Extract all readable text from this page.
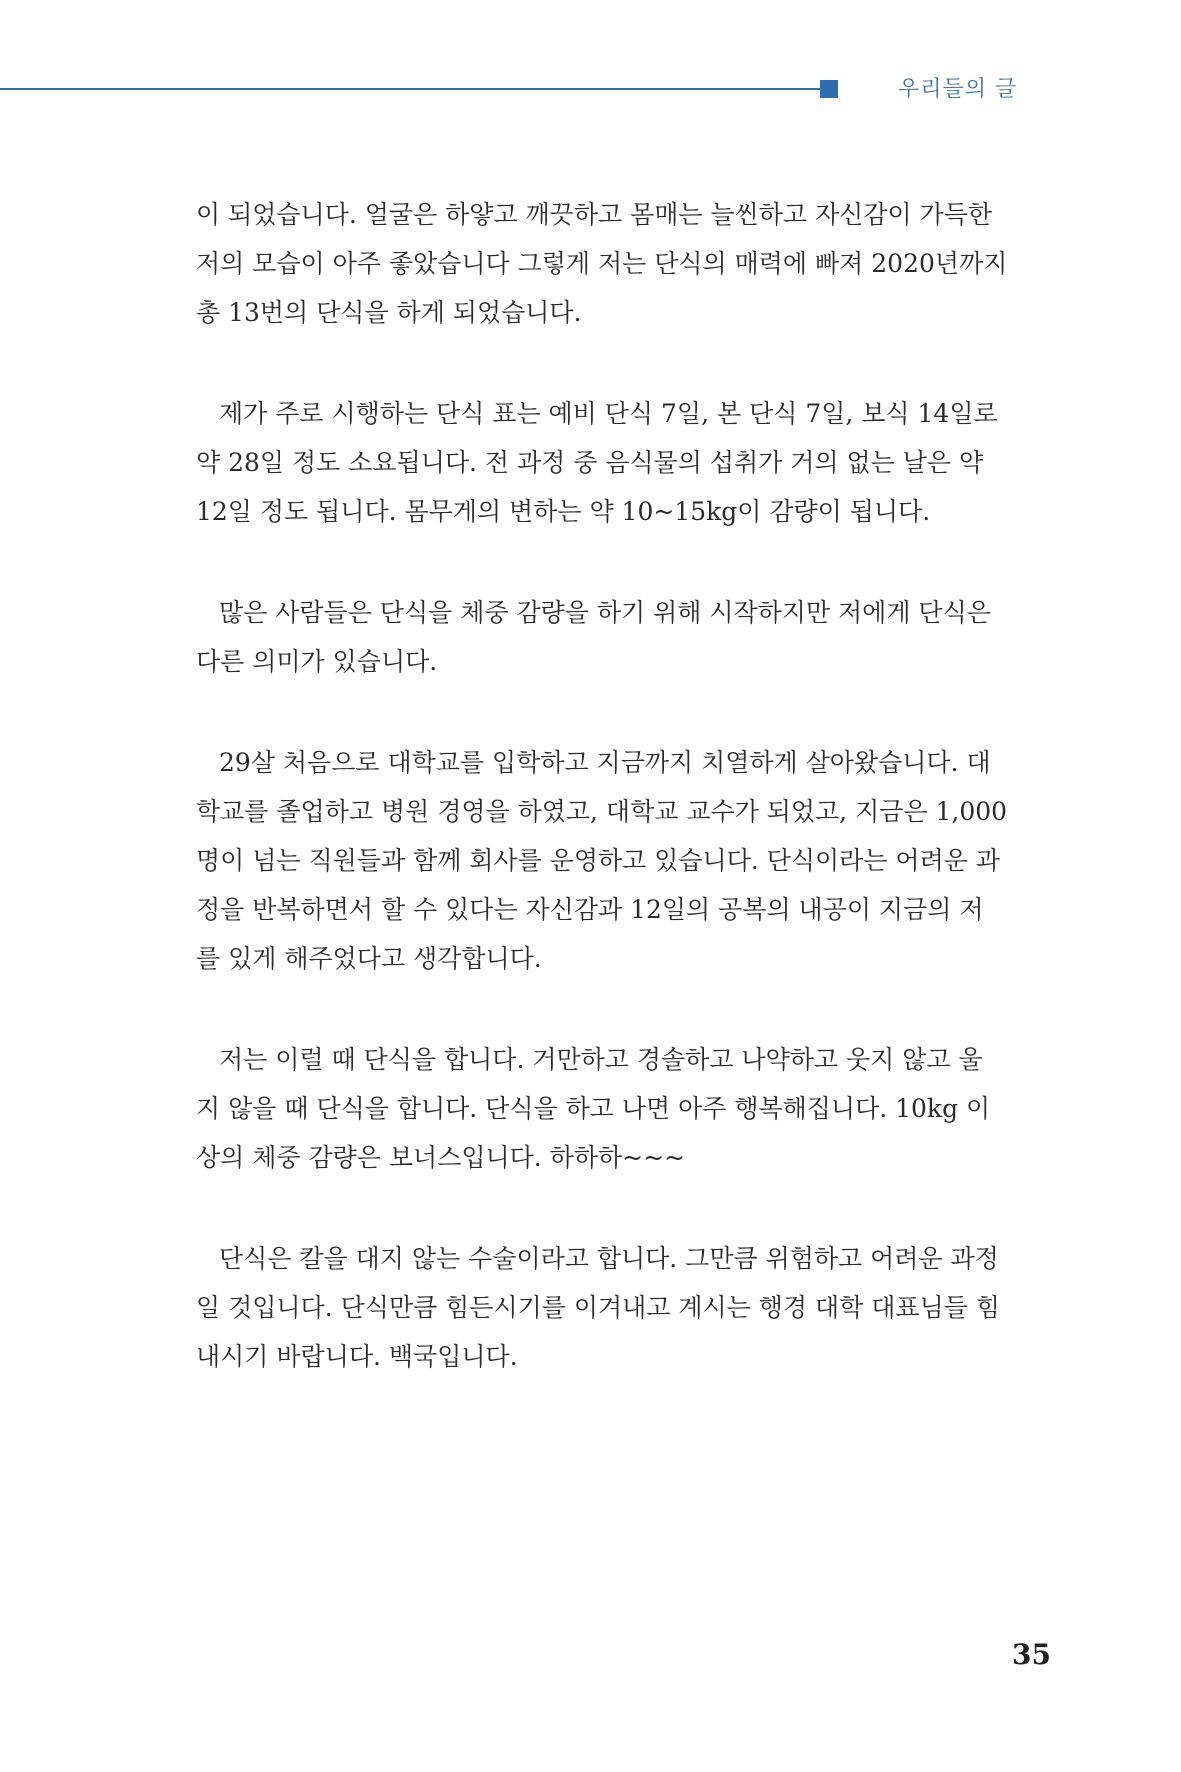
우리들의 글

이 되었습니다. 얼굴은 하얗고 깨끗하고 몸매는 늘씬하고 자신감이 가득한
저의 모습이 아주 좋았습니다 그렇게 저는 단식의 매력에 빠져 2020년까지
총 13번의 단식을 하게 되었습니다.

제가 주로 시행하는 단식 표는 예비 단식 7일, 본 단식 7일, 보식 14일로
약 28일 정도 소요됩니다. 전 과정 중 음식물의 섭취가 거의 없는 날은 약
12일 정도 됩니다. 몸무게의 변하는 약 10~15kg이 감량이 됩니다.

많은 사람들은 단식을 체중 감량을 하기 위해 시작하지만 저에게 단식은
다른 의미가 있습니다.

29살 처음으로 대학교를 입학하고 지금까지 치열하게 살아왔습니다. 대
학교를 졸업하고 병원 경영을 하였고, 대학교 교수가 되었고, 지금은 1,000
명이 넘는 직원들과 함께 회사를 운영하고 있습니다. 단식이라는 어려운 과
정을 반복하면서 할 수 있다는 자신감과 12일의 공복의 내공이 지금의 저
를 있게 해주었다고 생각합니다.

저는 이럴 때 단식을 합니다. 거만하고 경솔하고 나약하고 웃지 않고 울
지 않을 때 단식을 합니다. 단식을 하고 나면 아주 행복해집니다. 10kg 이
상의 체중 감량은 보너스입니다. 하하하~~~

단식은 칼을 대지 않는 수술이라고 합니다. 그만큼 위험하고 어려운 과정
일 것입니다. 단식만큼 힘든시기를 이겨내고 계시는 행경 대학 대표님들 힘
내시기 바랍니다. 백국입니다.

35
